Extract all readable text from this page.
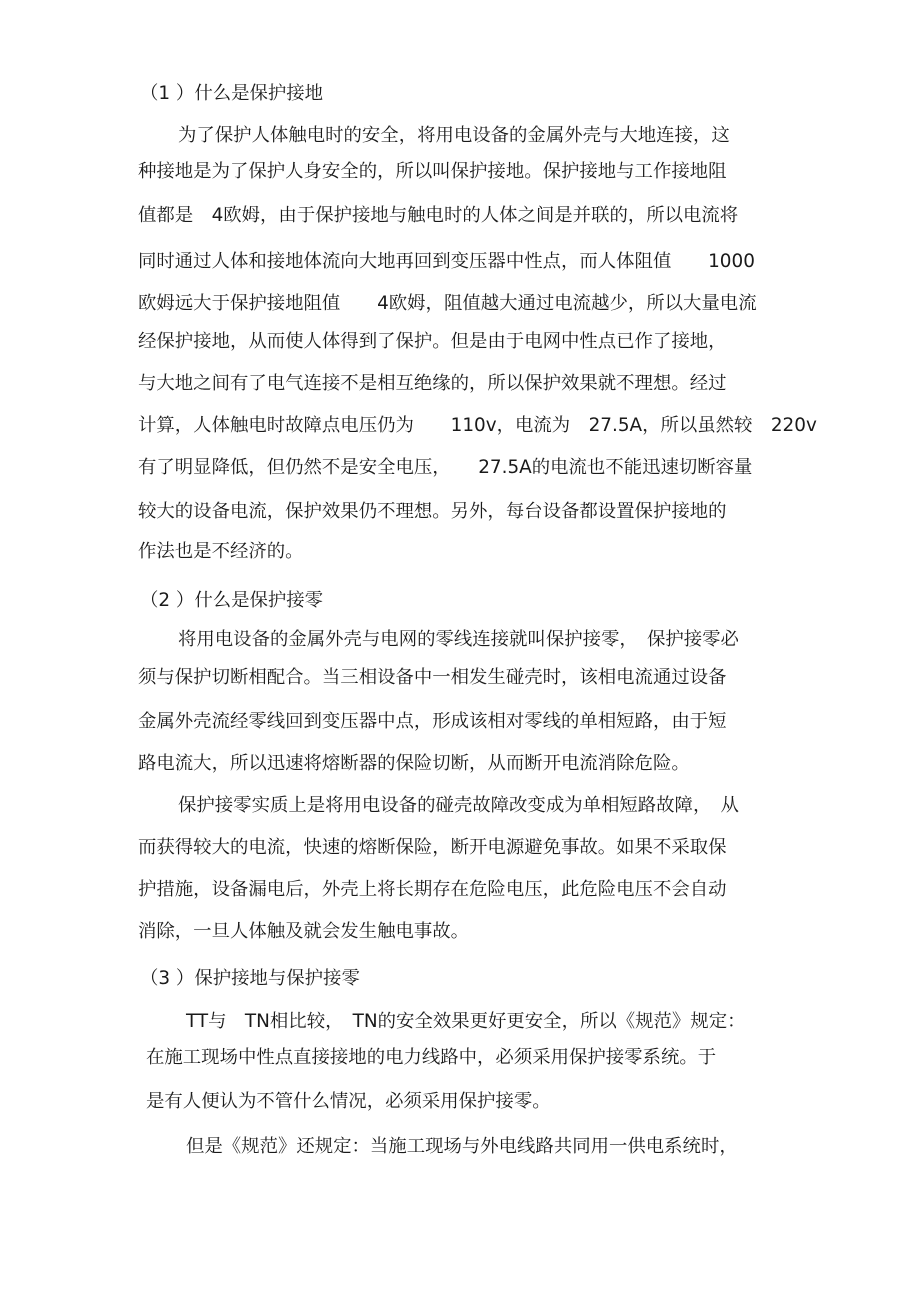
（1 ）什么是保护接地
为了保护人体触电时的安全，将用电设备的金属外壳与大地连接，这
种接地是为了保护人身安全的，所以叫保护接地。保护接地与工作接地阻
值都是　4欧姆，由于保护接地与触电时的人体之间是并联的，所以电流将
同时通过人体和接地体流向大地再回到变压器中性点，而人体阻值　　1000
欧姆远大于保护接地阻值　　4欧姆，阻值越大通过电流越少，所以大量电流
经保护接地，从而使人体得到了保护。但是由于电网中性点已作了接地，
与大地之间有了电气连接不是相互绝缘的，所以保护效果就不理想。经过
计算，人体触电时故障点电压仍为　　110v，电流为　27.5A，所以虽然较　220v
有了明显降低，但仍然不是安全电压，　　27.5A的电流也不能迅速切断容量
较大的设备电流，保护效果仍不理想。另外，每台设备都设置保护接地的
作法也是不经济的。
（2 ）什么是保护接零
将用电设备的金属外壳与电网的零线连接就叫保护接零，　保护接零必
须与保护切断相配合。当三相设备中一相发生碰壳时，该相电流通过设备
金属外壳流经零线回到变压器中点，形成该相对零线的单相短路，由于短
路电流大，所以迅速将熔断器的保险切断，从而断开电流消除危险。
保护接零实质上是将用电设备的碰壳故障改变成为单相短路故障，　从
而获得较大的电流，快速的熔断保险，断开电源避免事故。如果不采取保
护措施，设备漏电后，外壳上将长期存在危险电压，此危险电压不会自动
消除，一旦人体触及就会发生触电事故。
（3 ）保护接地与保护接零
TT与　TN相比较，　TN的安全效果更好更安全，所以《规范》规定：
在施工现场中性点直接接地的电力线路中，必须采用保护接零系统。于
是有人便认为不管什么情况，必须采用保护接零。
但是《规范》还规定：当施工现场与外电线路共同用一供电系统时，
